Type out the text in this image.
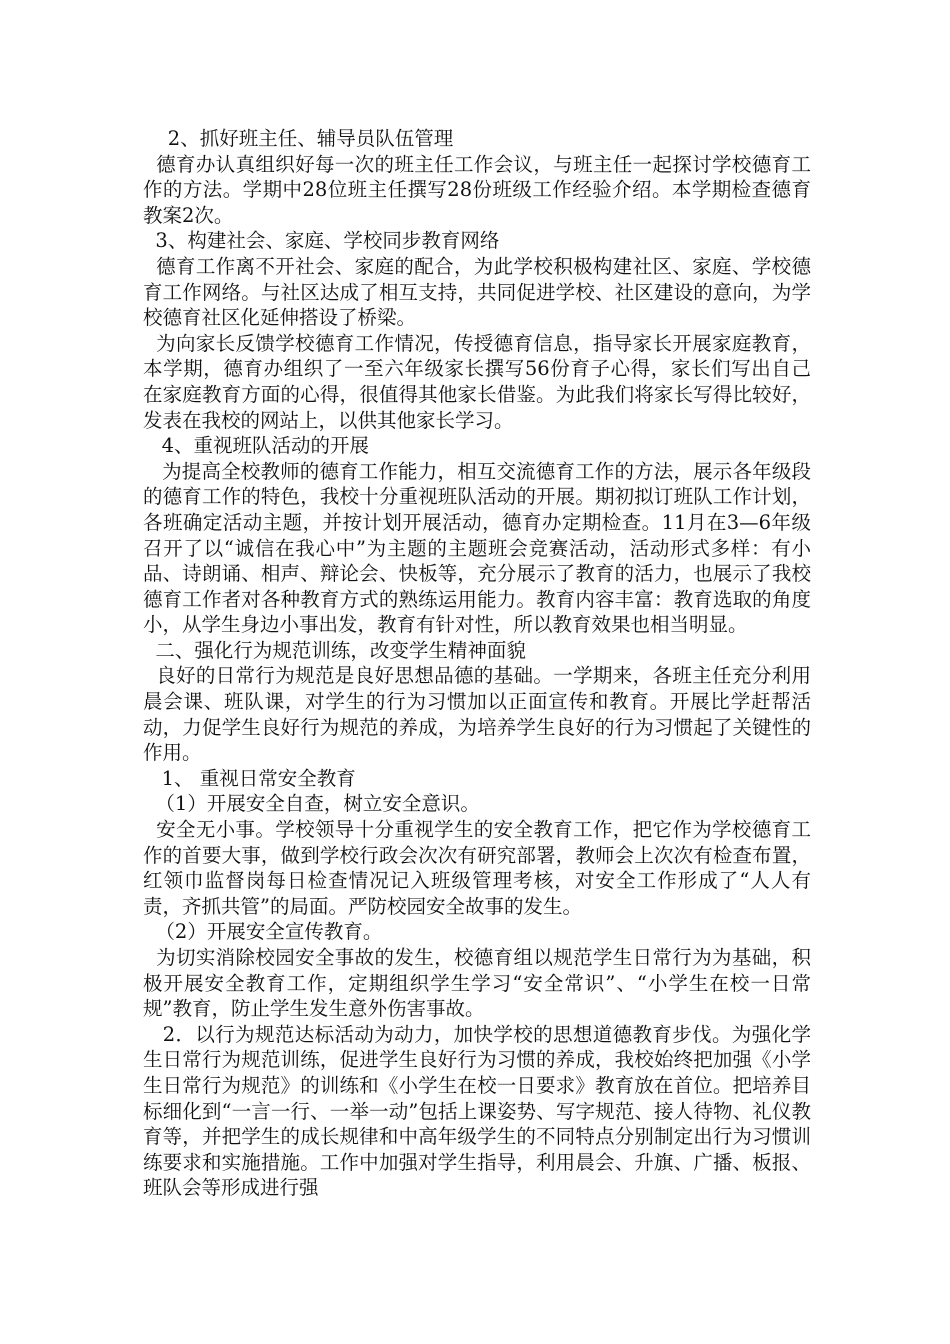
2、抓好班主任、辅导员队伍管理

德育办认真组织好每一次的班主任工作会议，与班主任一起探讨学校德育工作的方法。学期中28位班主任撰写28份班级工作经验介绍。本学期检查德育教案2次。

3、构建社会、家庭、学校同步教育网络

德育工作离不开社会、家庭的配合，为此学校积极构建社区、家庭、学校德育工作网络。与社区达成了相互支持，共同促进学校、社区建设的意向，为学校德育社区化延伸搭设了桥梁。

为向家长反馈学校德育工作情况，传授德育信息，指导家长开展家庭教育，本学期，德育办组织了一至六年级家长撰写56份育子心得，家长们写出自己在家庭教育方面的心得，很值得其他家长借鉴。为此我们将家长写得比较好，发表在我校的网站上，以供其他家长学习。

4、重视班队活动的开展

为提高全校教师的德育工作能力，相互交流德育工作的方法，展示各年级段的德育工作的特色，我校十分重视班队活动的开展。期初拟订班队工作计划，各班确定活动主题，并按计划开展活动，德育办定期检查。11月在3—6年级召开了以“诚信在我心中”为主题的主题班会竞赛活动，活动形式多样：有小品、诗朗诵、相声、辩论会、快板等，充分展示了教育的活力，也展示了我校德育工作者对各种教育方式的熟练运用能力。教育内容丰富：教育选取的角度小，从学生身边小事出发，教育有针对性，所以教育效果也相当明显。

二、强化行为规范训练，改变学生精神面貌

良好的日常行为规范是良好思想品德的基础。一学期来，各班主任充分利用晨会课、班队课，对学生的行为习惯加以正面宣传和教育。开展比学赶帮活动，力促学生良好行为规范的养成，为培养学生良好的行为习惯起了关键性的作用。

1、 重视日常安全教育

（1）开展安全自查，树立安全意识。

安全无小事。学校领导十分重视学生的安全教育工作，把它作为学校德育工作的首要大事，做到学校行政会次次有研究部署，教师会上次次有检查布置，红领巾监督岗每日检查情况记入班级管理考核，对安全工作形成了“人人有责，齐抓共管”的局面。严防校园安全故事的发生。

（2）开展安全宣传教育。

为切实消除校园安全事故的发生，校德育组以规范学生日常行为为基础，积极开展安全教育工作，定期组织学生学习“安全常识”、“小学生在校一日常规”教育，防止学生发生意外伤害事故。

2．以行为规范达标活动为动力，加快学校的思想道德教育步伐。为强化学生日常行为规范训练，促进学生良好行为习惯的养成，我校始终把加强《小学生日常行为规范》的训练和《小学生在校一日要求》教育放在首位。把培养目标细化到“一言一行、一举一动”包括上课姿势、写字规范、接人待物、礼仪教育等，并把学生的成长规律和中高年级学生的不同特点分别制定出行为习惯训练要求和实施措施。工作中加强对学生指导，利用晨会、升旗、广播、板报、班队会等形成进行强
